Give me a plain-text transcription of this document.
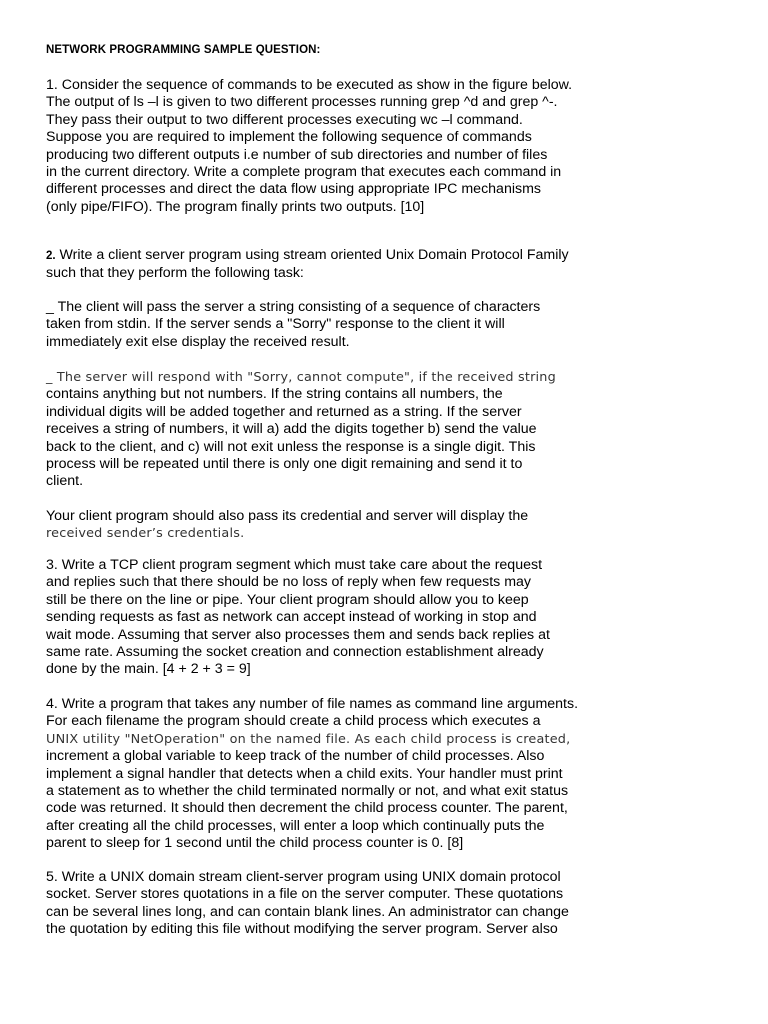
NETWORK PROGRAMMING SAMPLE QUESTION:
1. Consider the sequence of commands to be executed as show in the figure below.
The output of ls –l is given to two different processes running grep ^d and grep ^-.
They pass their output to two different processes executing wc –l command.
Suppose you are required to implement the following sequence of commands
producing two different outputs i.e number of sub directories and number of files
in the current directory. Write a complete program that executes each command in
different processes and direct the data flow using appropriate IPC mechanisms
(only pipe/FIFO). The program finally prints two outputs. [10]
2. Write a client server program using stream oriented Unix Domain Protocol Family
such that they perform the following task:
_ The client will pass the server a string consisting of a sequence of characters
taken from stdin. If the server sends a "Sorry" response to the client it will
immediately exit else display the received result.
_ The server will respond with "Sorry, cannot compute", if the received string
contains anything but not numbers. If the string contains all numbers, the
individual digits will be added together and returned as a string. If the server
receives a string of numbers, it will a) add the digits together b) send the value
back to the client, and c) will not exit unless the response is a single digit. This
process will be repeated until there is only one digit remaining and send it to
client.
Your client program should also pass its credential and server will display the
received sender’s credentials.
3. Write a TCP client program segment which must take care about the request
and replies such that there should be no loss of reply when few requests may
still be there on the line or pipe. Your client program should allow you to keep
sending requests as fast as network can accept instead of working in stop and
wait mode. Assuming that server also processes them and sends back replies at
same rate. Assuming the socket creation and connection establishment already
done by the main. [4 + 2 + 3 = 9]
4. Write a program that takes any number of file names as command line arguments.
For each filename the program should create a child process which executes a
UNIX utility "NetOperation" on the named file. As each child process is created,
increment a global variable to keep track of the number of child processes. Also
implement a signal handler that detects when a child exits. Your handler must print
a statement as to whether the child terminated normally or not, and what exit status
code was returned. It should then decrement the child process counter. The parent,
after creating all the child processes, will enter a loop which continually puts the
parent to sleep for 1 second until the child process counter is 0. [8]
5. Write a UNIX domain stream client-server program using UNIX domain protocol
socket. Server stores quotations in a file on the server computer. These quotations
can be several lines long, and can contain blank lines. An administrator can change
the quotation by editing this file without modifying the server program. Server also
